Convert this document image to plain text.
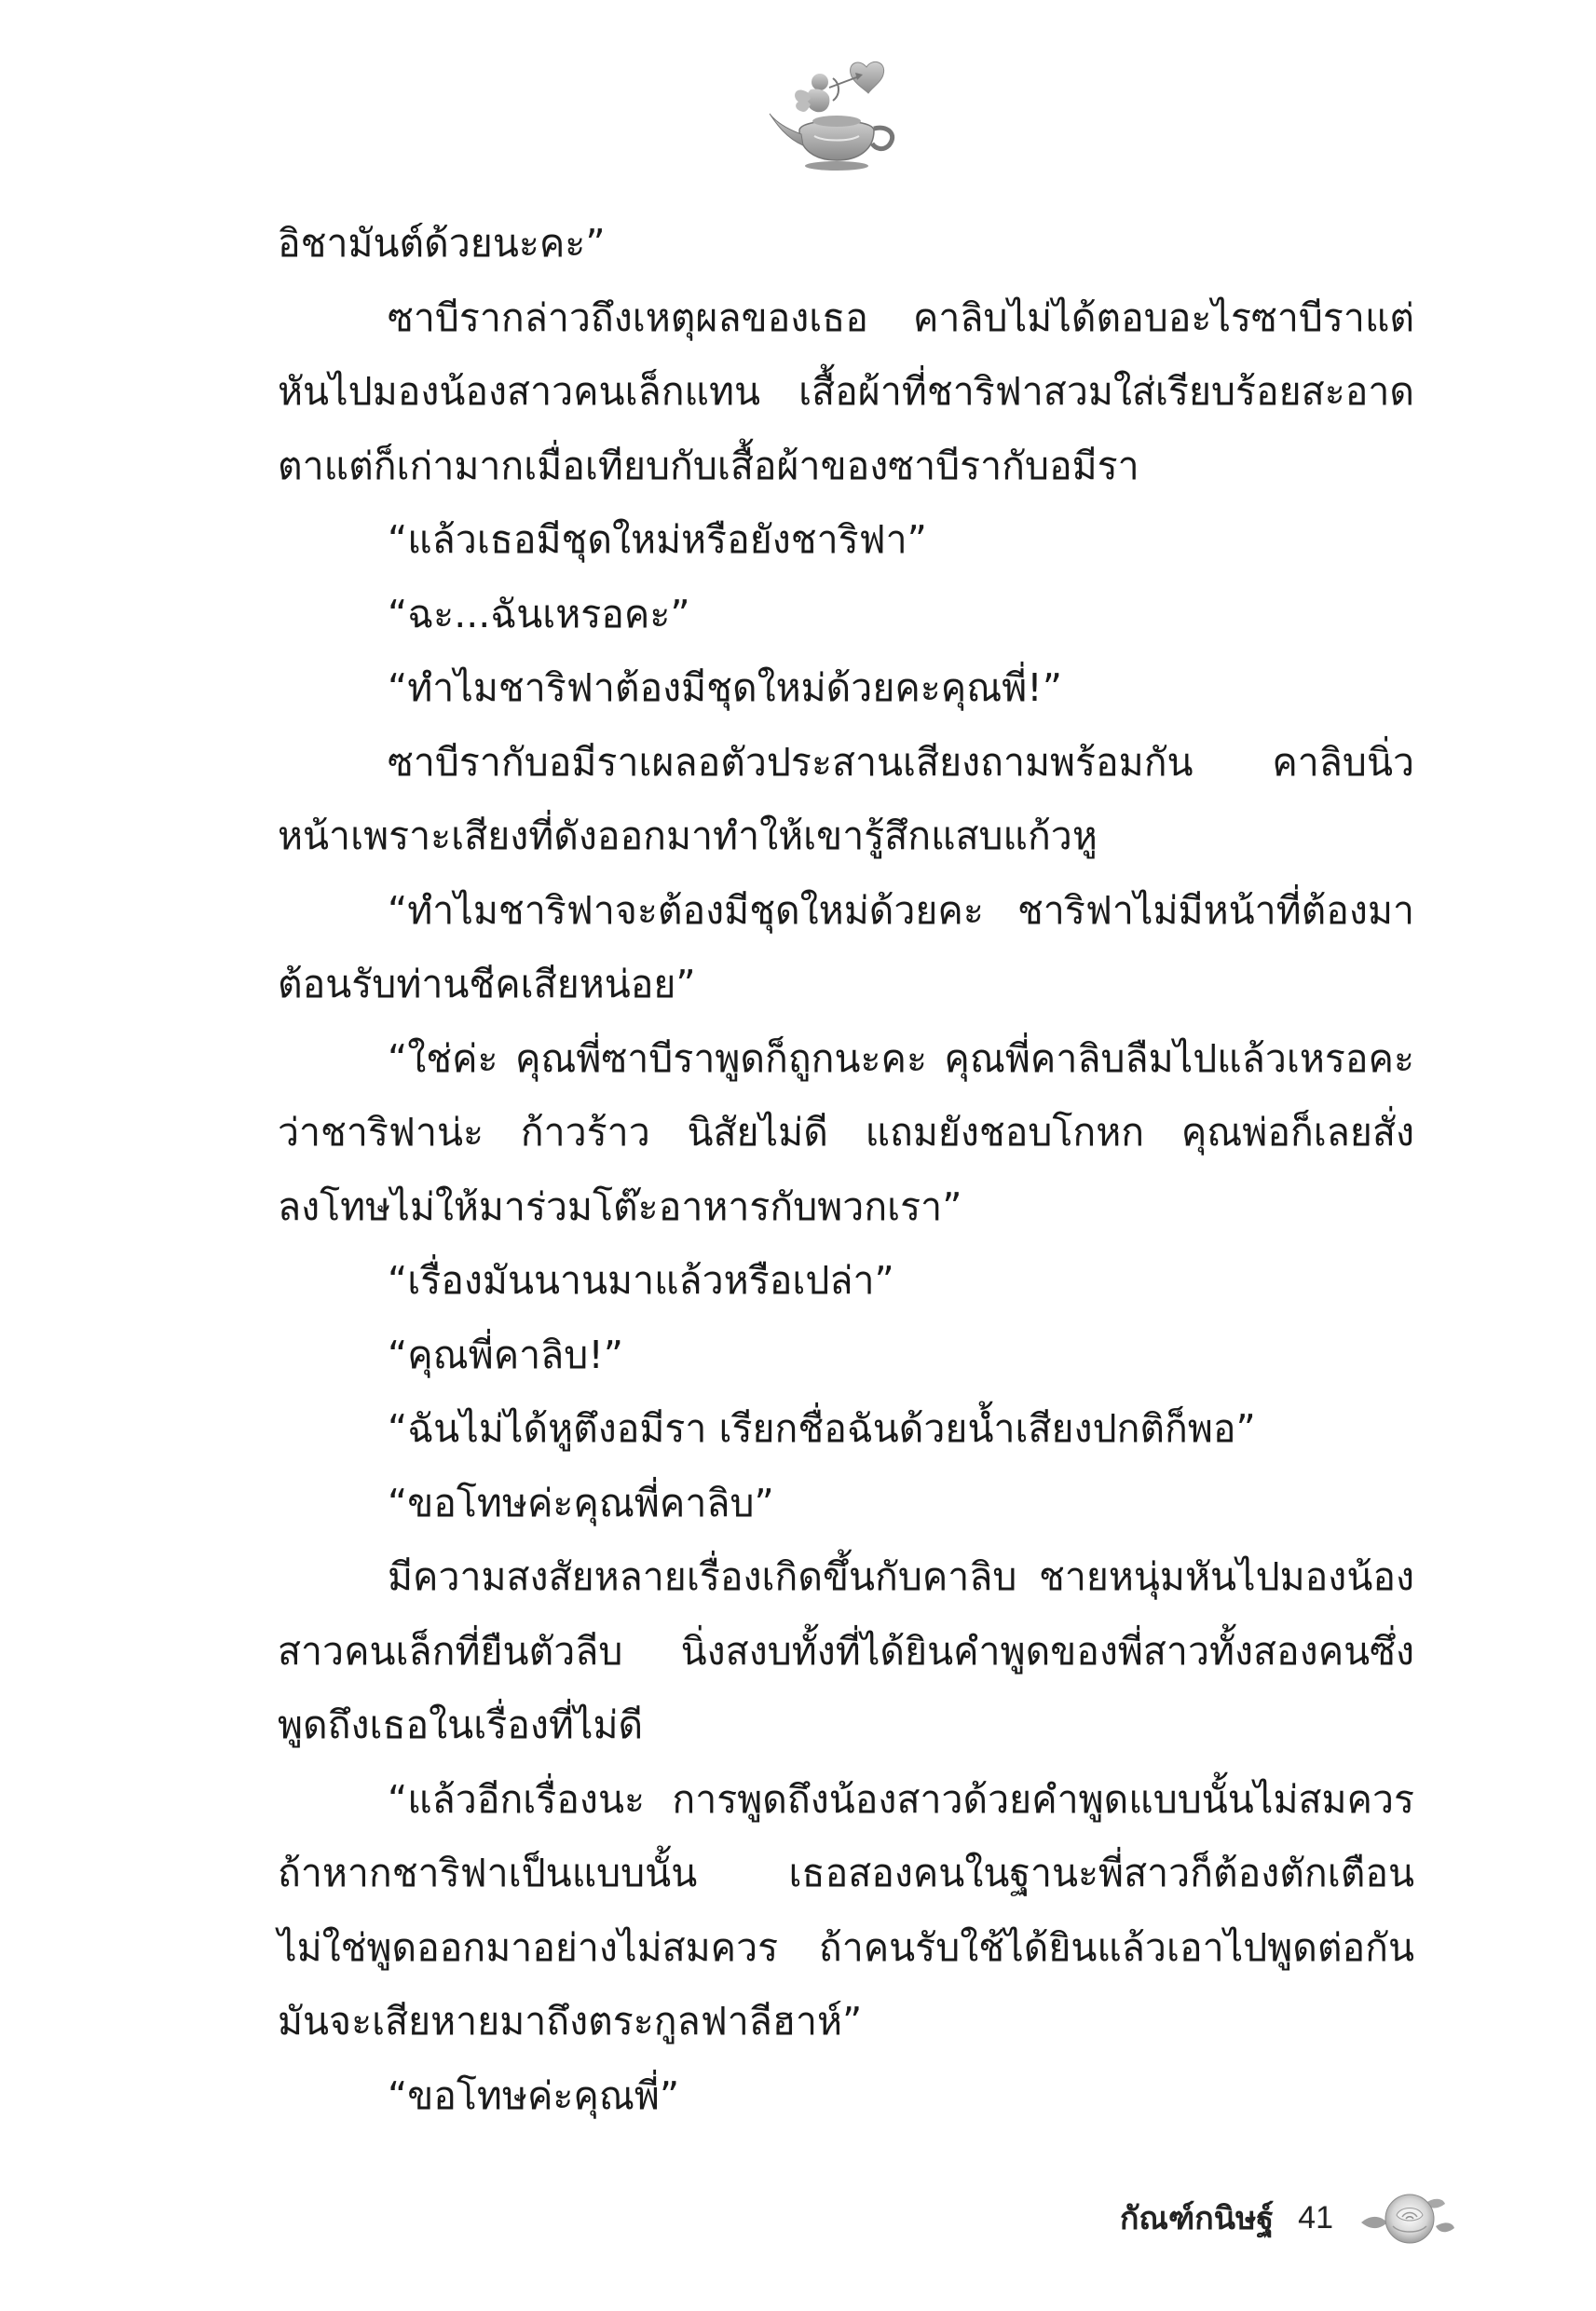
อิชามันต์ด้วยนะคะ”

ซาบีรากล่าวถึงเหตุผลของเธอ คาลิบไม่ได้ตอบอะไรซาบีราแต่หันไปมองน้องสาวคนเล็กแทน เสื้อผ้าที่ชาริฟาสวมใส่เรียบร้อยสะอาดตาแต่ก็เก่ามากเมื่อเทียบกับเสื้อผ้าของซาบีรากับอมีรา

“แล้วเธอมีชุดใหม่หรือยังชาริฟา”

“ฉะ...ฉันเหรอคะ”

“ทำไมชาริฟาต้องมีชุดใหม่ด้วยคะคุณพี่!”

ซาบีรากับอมีราเผลอตัวประสานเสียงถามพร้อมกัน คาลิบนิ่วหน้าเพราะเสียงที่ดังออกมาทำให้เขารู้สึกแสบแก้วหู

“ทำไมชาริฟาจะต้องมีชุดใหม่ด้วยคะ ชาริฟาไม่มีหน้าที่ต้องมาต้อนรับท่านชีคเสียหน่อย”

“ใช่ค่ะ คุณพี่ซาบีราพูดก็ถูกนะคะ คุณพี่คาลิบลืมไปแล้วเหรอคะว่าชาริฟาน่ะ ก้าวร้าว นิสัยไม่ดี แถมยังชอบโกหก คุณพ่อก็เลยสั่งลงโทษไม่ให้มาร่วมโต๊ะอาหารกับพวกเรา”

“เรื่องมันนานมาแล้วหรือเปล่า”

“คุณพี่คาลิบ!”

“ฉันไม่ได้หูตึงอมีรา เรียกชื่อฉันด้วยน้ำเสียงปกติก็พอ”

“ขอโทษค่ะคุณพี่คาลิบ”

มีความสงสัยหลายเรื่องเกิดขึ้นกับคาลิบ ชายหนุ่มหันไปมองน้องสาวคนเล็กที่ยืนตัวลีบ นิ่งสงบทั้งที่ได้ยินคำพูดของพี่สาวทั้งสองคนซึ่งพูดถึงเธอในเรื่องที่ไม่ดี

“แล้วอีกเรื่องนะ การพูดถึงน้องสาวด้วยคำพูดแบบนั้นไม่สมควรถ้าหากชาริฟาเป็นแบบนั้น เธอสองคนในฐานะพี่สาวก็ต้องตักเตือนไม่ใช่พูดออกมาอย่างไม่สมควร ถ้าคนรับใช้ได้ยินแล้วเอาไปพูดต่อกันมันจะเสียหายมาถึงตระกูลฟาลีฮาห์”

“ขอโทษค่ะคุณพี่”

กัณฑ์กนิษฐ์ 41
